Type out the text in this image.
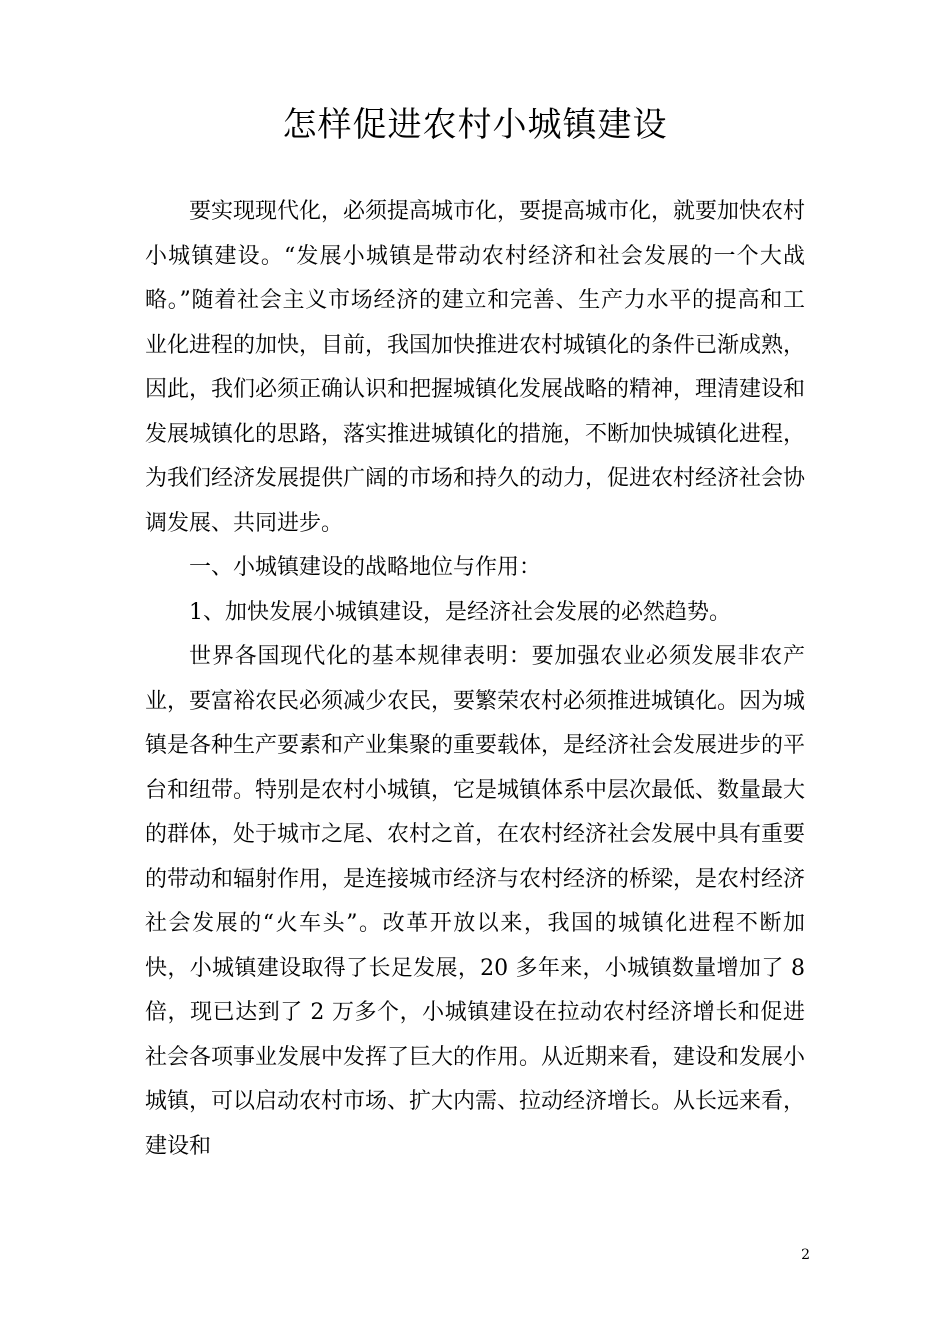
怎样促进农村小城镇建设

要实现现代化，必须提高城市化，要提高城市化，就要加快农村小城镇建设。“发展小城镇是带动农村经济和社会发展的一个大战略。”随着社会主义市场经济的建立和完善、生产力水平的提高和工业化进程的加快，目前，我国加快推进农村城镇化的条件已渐成熟，因此，我们必须正确认识和把握城镇化发展战略的精神，理清建设和发展城镇化的思路，落实推进城镇化的措施，不断加快城镇化进程，为我们经济发展提供广阔的市场和持久的动力，促进农村经济社会协调发展、共同进步。

一、小城镇建设的战略地位与作用：

1、加快发展小城镇建设，是经济社会发展的必然趋势。

世界各国现代化的基本规律表明：要加强农业必须发展非农产业，要富裕农民必须减少农民，要繁荣农村必须推进城镇化。因为城镇是各种生产要素和产业集聚的重要载体，是经济社会发展进步的平台和纽带。特别是农村小城镇，它是城镇体系中层次最低、数量最大的群体，处于城市之尾、农村之首，在农村经济社会发展中具有重要的带动和辐射作用，是连接城市经济与农村经济的桥梁，是农村经济社会发展的“火车头”。改革开放以来，我国的城镇化进程不断加快，小城镇建设取得了长足发展，20 多年来，小城镇数量增加了 8 倍，现已达到了 2 万多个，小城镇建设在拉动农村经济增长和促进社会各项事业发展中发挥了巨大的作用。从近期来看，建设和发展小城镇，可以启动农村市场、扩大内需、拉动经济增长。从长远来看，建设和

2
